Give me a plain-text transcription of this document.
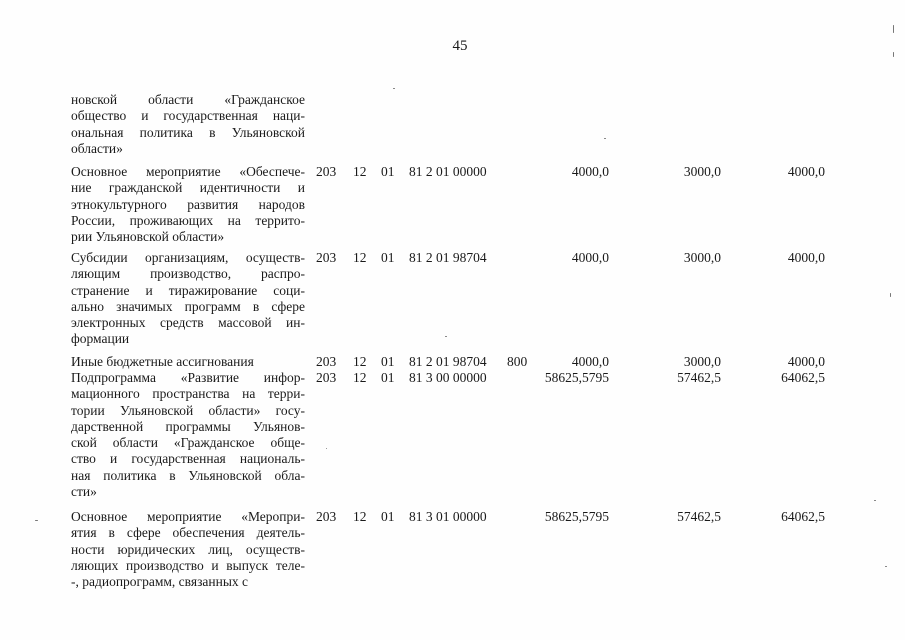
45
новской области «Гражданское
общество и государственная наци-
ональная политика в Ульяновской
области»
Основное мероприятие «Обеспече-
ние гражданской идентичности и
этнокультурного развития народов
России, проживающих на террито-
рии Ульяновской области»
203 12 01 81 2 01 00000	4000,0	3000,0	4000,0
Субсидии организациям, осуществ-
ляющим производство, распро-
странение и тиражирование соци-
ально значимых программ в сфере
электронных средств массовой ин-
формации
203 12 01 81 2 01 98704	4000,0	3000,0	4000,0
Иные бюджетные ассигнования	203 12 01 81 2 01 98704 800	4000,0	3000,0	4000,0
Подпрограмма «Развитие инфор-
мационного пространства на терри-
тории Ульяновской области» госу-
дарственной программы Ульянов-
ской области «Гражданское обще-
ство и государственная националь-
ная политика в Ульяновской обла-
сти»
203 12 01 81 3 00 00000	58625,5795	57462,5	64062,5
Основное мероприятие «Меропри-
ятия в сфере обеспечения деятель-
ности юридических лиц, осуществ-
ляющих производство и выпуск теле-
-, радиопрограмм, связанных с
203 12 01 81 3 01 00000	58625,5795	57462,5	64062,5
